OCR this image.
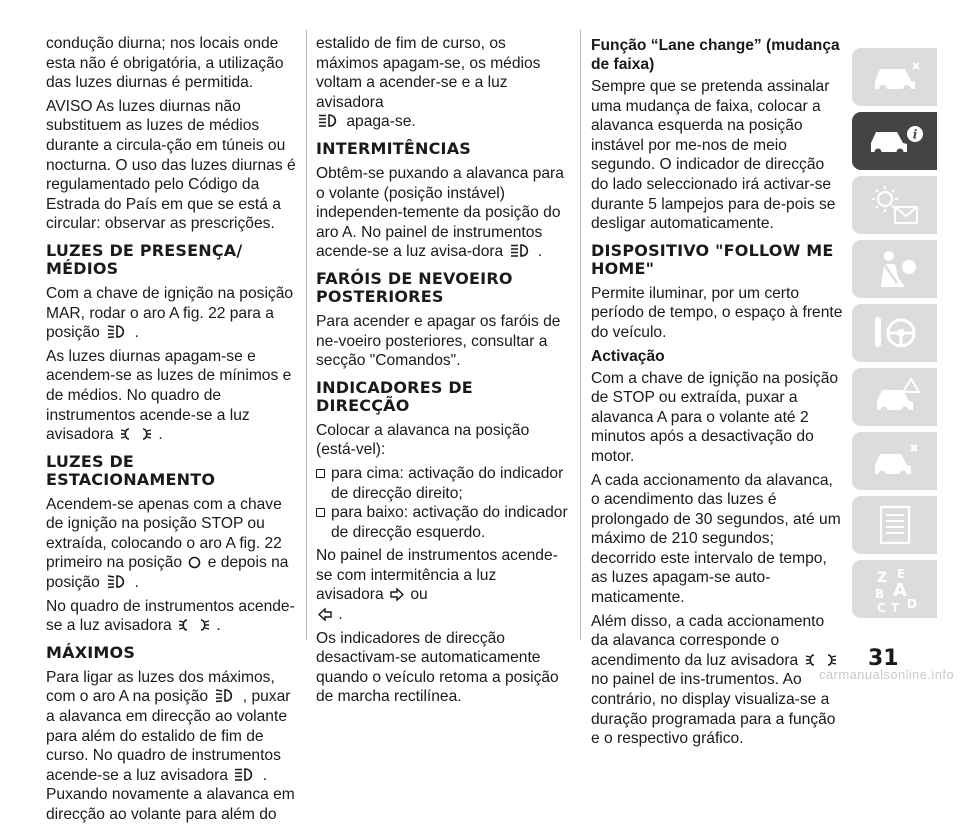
condução diurna; nos locais onde esta não é obrigatória, a utilização das luzes diurnas é permitida.

AVISO As luzes diurnas não substituem as luzes de médios durante a circula-ção em túneis ou nocturna. O uso das luzes diurnas é regulamentado pelo Código da Estrada do País em que se está a circular: observar as prescrições.

LUZES DE PRESENÇA/ MÉDIOS

Com a chave de ignição na posição MAR, rodar o aro A fig. 22 para a posição .

As luzes diurnas apagam-se e acendem-se as luzes de mínimos e de médios. No quadro de instrumentos acende-se a luz avisadora	.

LUZES DE ESTACIONAMENTO

Acendem-se apenas com a chave de ignição na posição STOP ou extraída, colocando o aro A fig. 22 primeiro na posição e depois na posição .

No quadro de instrumentos acende-se a luz avisadora	.

MÁXIMOS

Para ligar as luzes dos máximos, com o aro A na posição , puxar a alavanca em direcção ao volante para além do estalido de fim de curso. No quadro de instrumentos acende-se a luz avisadora . Puxando novamente a alavanca em direcção ao volante para além do

estalido de fim de curso, os máximos apagam-se, os médios voltam a acender-se e a luz avisadora
apaga-se.

INTERMITÊNCIAS

Obtêm-se puxando a alavanca para o volante (posição instável) independen-temente da posição do aro A. No painel de instrumentos acende-se a luz avisa-dora .

FARÓIS DE NEVOEIRO POSTERIORES

Para acender e apagar os faróis de ne-voeiro posteriores, consultar a secção "Comandos".

INDICADORES DE DIRECÇÃO

Colocar a alavanca na posição (está-vel):

para cima: activação do indicador de direcção direito;
para baixo: activação do indicador de direcção esquerdo.

No painel de instrumentos acende-se com intermitência a luz avisadora ou
.

Os indicadores de direcção desactivam-se automaticamente quando o veículo retoma a posição de marcha rectilínea.

Função “Lane change” (mudança de faixa)

Sempre que se pretenda assinalar uma mudança de faixa, colocar a alavanca esquerda na posição instável por me-nos de meio segundo. O indicador de direcção do lado seleccionado irá activar-se durante 5 lampejos para de-pois se desligar automaticamente.

DISPOSITIVO "FOLLOW ME HOME"

Permite iluminar, por um certo período de tempo, o espaço à frente do veículo.

Activação

Com a chave de ignição na posição de STOP ou extraída, puxar a alavanca A para o volante até 2 minutos após a desactivação do motor.

A cada accionamento da alavanca, o acendimento das luzes é prolongado de 30 segundos, até um máximo de 210 segundos; decorrido este intervalo de tempo, as luzes apagam-se auto-maticamente.

Além disso, a cada accionamento da alavanca corresponde o acendimento da luz avisadora  no painel de ins-trumentos. Ao contrário, no display visualiza-se a duração programada para a função e o respectivo gráfico.

i
Z E
B A
C T D
31
carmanualsonline.info
